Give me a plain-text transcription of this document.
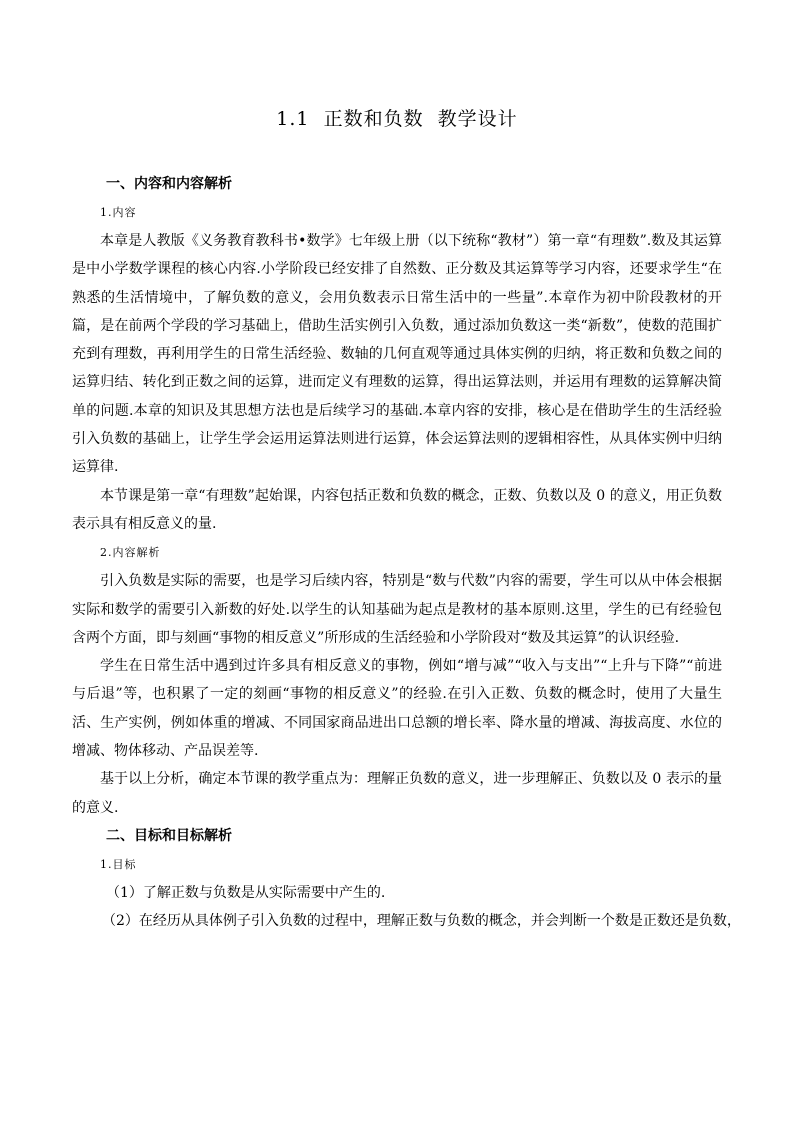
1.1  正数和负数  教学设计
一、内容和内容解析
1.内容

本章是人教版《义务教育教科书•数学》七年级上册（以下统称“教材”）第一章“有理数”.数及其运算是中小学数学课程的核心内容.小学阶段已经安排了自然数、正分数及其运算等学习内容，还要求学生“在熟悉的生活情境中，了解负数的意义，会用负数表示日常生活中的一些量”.本章作为初中阶段教材的开篇，是在前两个学段的学习基础上，借助生活实例引入负数，通过添加负数这一类“新数”，使数的范围扩充到有理数，再利用学生的日常生活经验、数轴的几何直观等通过具体实例的归纳，将正数和负数之间的运算归结、转化到正数之间的运算，进而定义有理数的运算，得出运算法则，并运用有理数的运算解决简单的问题.本章的知识及其思想方法也是后续学习的基础.本章内容的安排，核心是在借助学生的生活经验引入负数的基础上，让学生学会运用运算法则进行运算，体会运算法则的逻辑相容性，从具体实例中归纳运算律.

本节课是第一章“有理数”起始课，内容包括正数和负数的概念，正数、负数以及 0 的意义，用正负数表示具有相反意义的量.

2.内容解析

引入负数是实际的需要，也是学习后续内容，特别是“数与代数”内容的需要，学生可以从中体会根据实际和数学的需要引入新数的好处.以学生的认知基础为起点是教材的基本原则.这里，学生的已有经验包含两个方面，即与刻画“事物的相反意义”所形成的生活经验和小学阶段对“数及其运算”的认识经验.

学生在日常生活中遇到过许多具有相反意义的事物，例如“增与减”“收入与支出”“上升与下降”“前进与后退”等，也积累了一定的刻画“事物的相反意义”的经验.在引入正数、负数的概念时，使用了大量生活、生产实例，例如体重的增减、不同国家商品进出口总额的增长率、降水量的增减、海拔高度、水位的增减、物体移动、产品误差等.

基于以上分析，确定本节课的教学重点为：理解正负数的意义，进一步理解正、负数以及 0 表示的量的意义.

二、目标和目标解析
1.目标

（1）了解正数与负数是从实际需要中产生的.

（2）在经历从具体例子引入负数的过程中，理解正数与负数的概念，并会判断一个数是正数还是负数，
